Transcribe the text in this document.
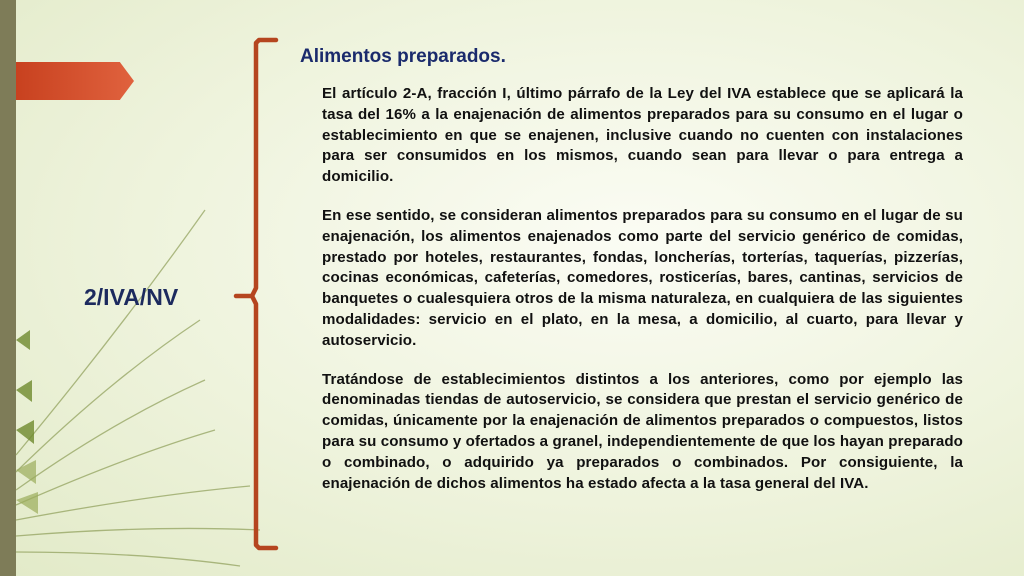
2/IVA/NV
Alimentos preparados.

El artículo 2-A, fracción I, último párrafo de la Ley del IVA establece que se aplicará la tasa del 16% a la enajenación de alimentos preparados para su consumo en el lugar o establecimiento en que se enajenen, inclusive cuando no cuenten con instalaciones para ser consumidos en los mismos, cuando sean para llevar o para entrega a domicilio.

En ese sentido, se consideran alimentos preparados para su consumo en el lugar de su enajenación, los alimentos enajenados como parte del servicio genérico de comidas, prestado por hoteles, restaurantes, fondas, loncherías, torterías, taquerías, pizzerías, cocinas económicas, cafeterías, comedores, rosticerías, bares, cantinas, servicios de banquetes o cualesquiera otros de la misma naturaleza, en cualquiera de las siguientes modalidades: servicio en el plato, en la mesa, a domicilio, al cuarto, para llevar y autoservicio.

Tratándose de establecimientos distintos a los anteriores, como por ejemplo las denominadas tiendas de autoservicio, se considera que prestan el servicio genérico de comidas, únicamente por la enajenación de alimentos preparados o compuestos, listos para su consumo y ofertados a granel, independientemente de que los hayan preparado o combinado, o adquirido ya preparados o combinados. Por consiguiente, la enajenación de dichos alimentos ha estado afecta a la tasa general del IVA.
